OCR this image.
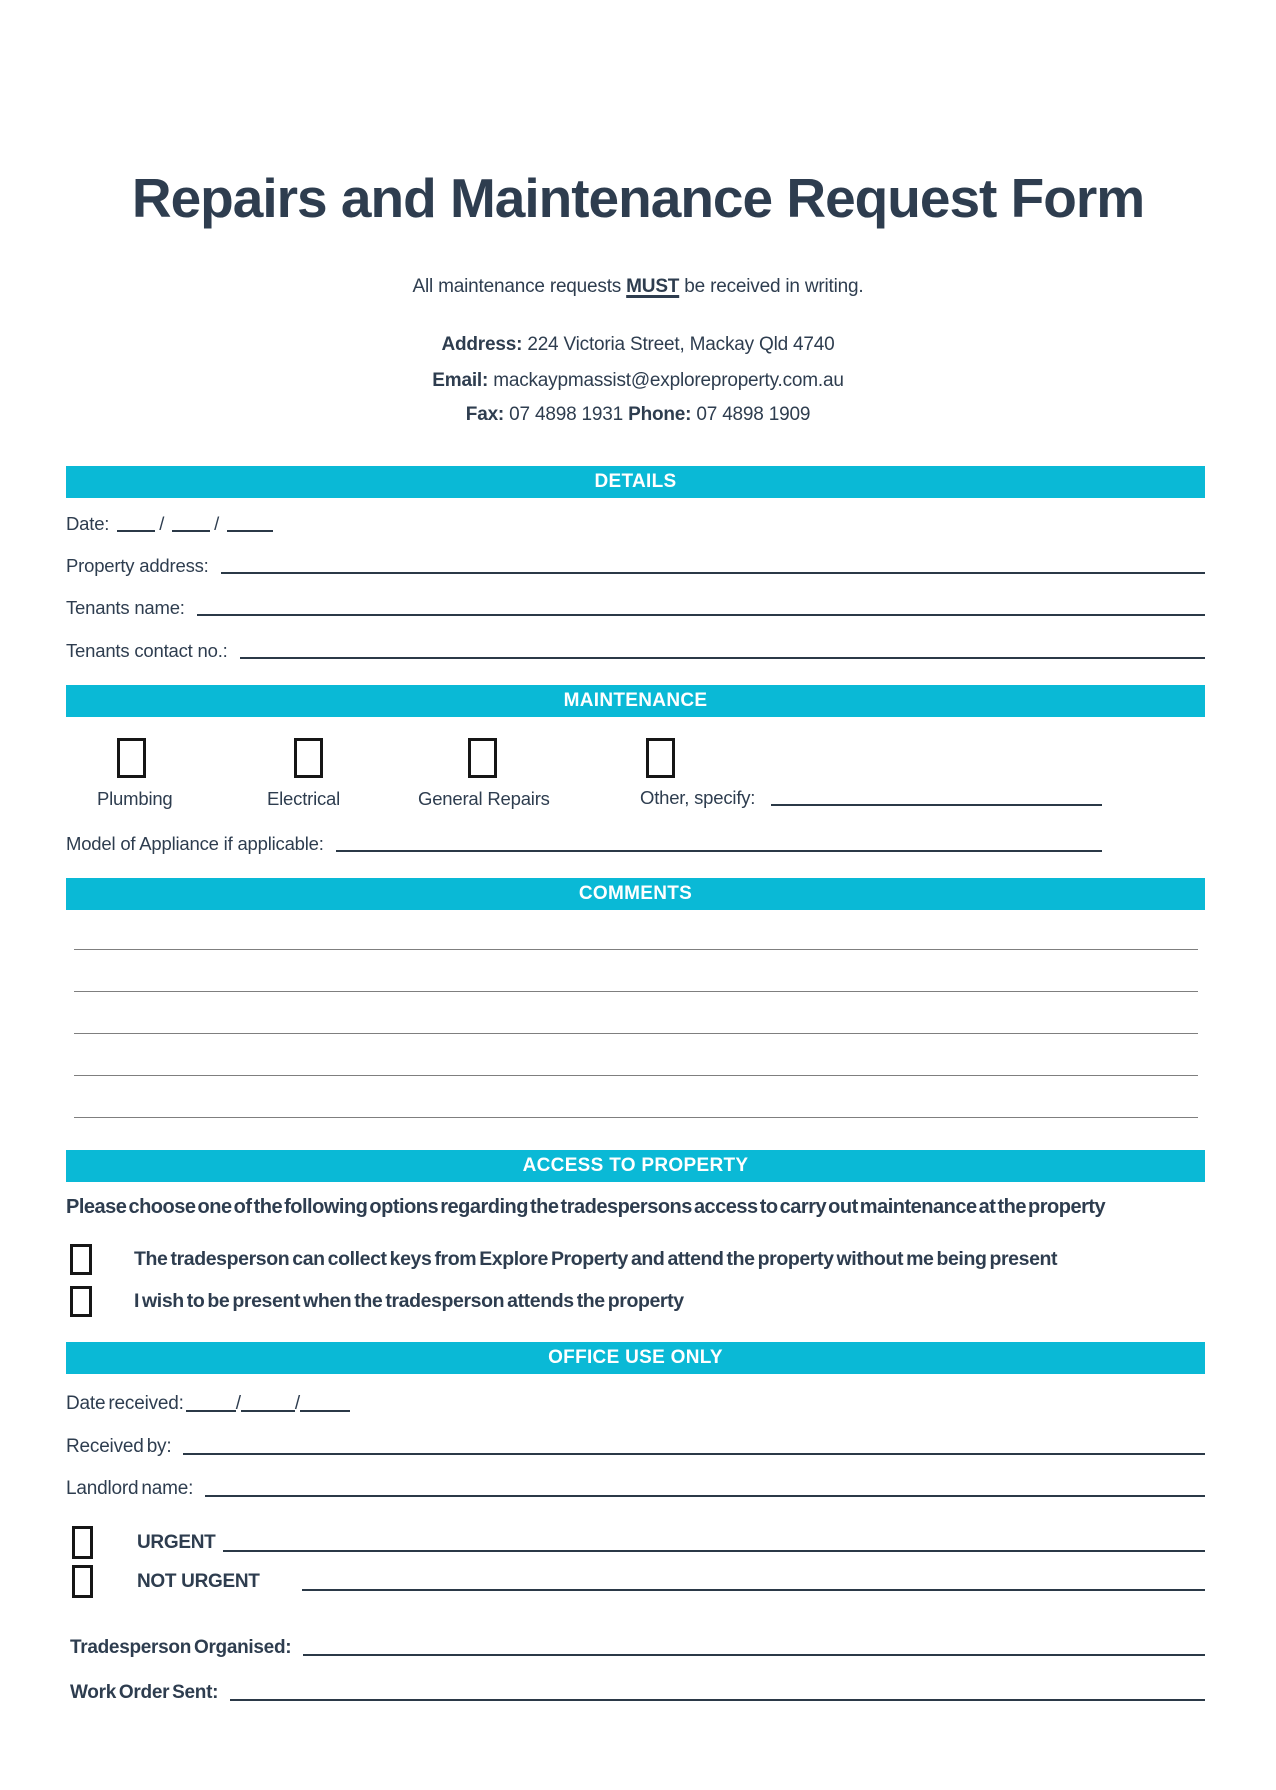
Repairs and Maintenance Request Form
All maintenance requests MUST be received in writing.
Address: 224 Victoria Street, Mackay Qld 4740
Email: mackaypmassist@exploreproperty.com.au
Fax: 07 4898 1931 Phone: 07 4898 1909
DETAILS
Date:	/	/
Property address:
Tenants name:
Tenants contact no.:
MAINTENANCE
Plumbing	Electrical	General Repairs	Other, specify:
Model of Appliance if applicable:
COMMENTS
ACCESS TO PROPERTY
Please choose one of the following options regarding the tradespersons access to carry out maintenance at the property
The tradesperson can collect keys from Explore Property and attend the property without me being present
I wish to be present when the tradesperson attends the property
OFFICE USE ONLY
Date received:	/	/
Received by:
Landlord name:
URGENT
NOT URGENT
Tradesperson Organised:
Work Order Sent:
